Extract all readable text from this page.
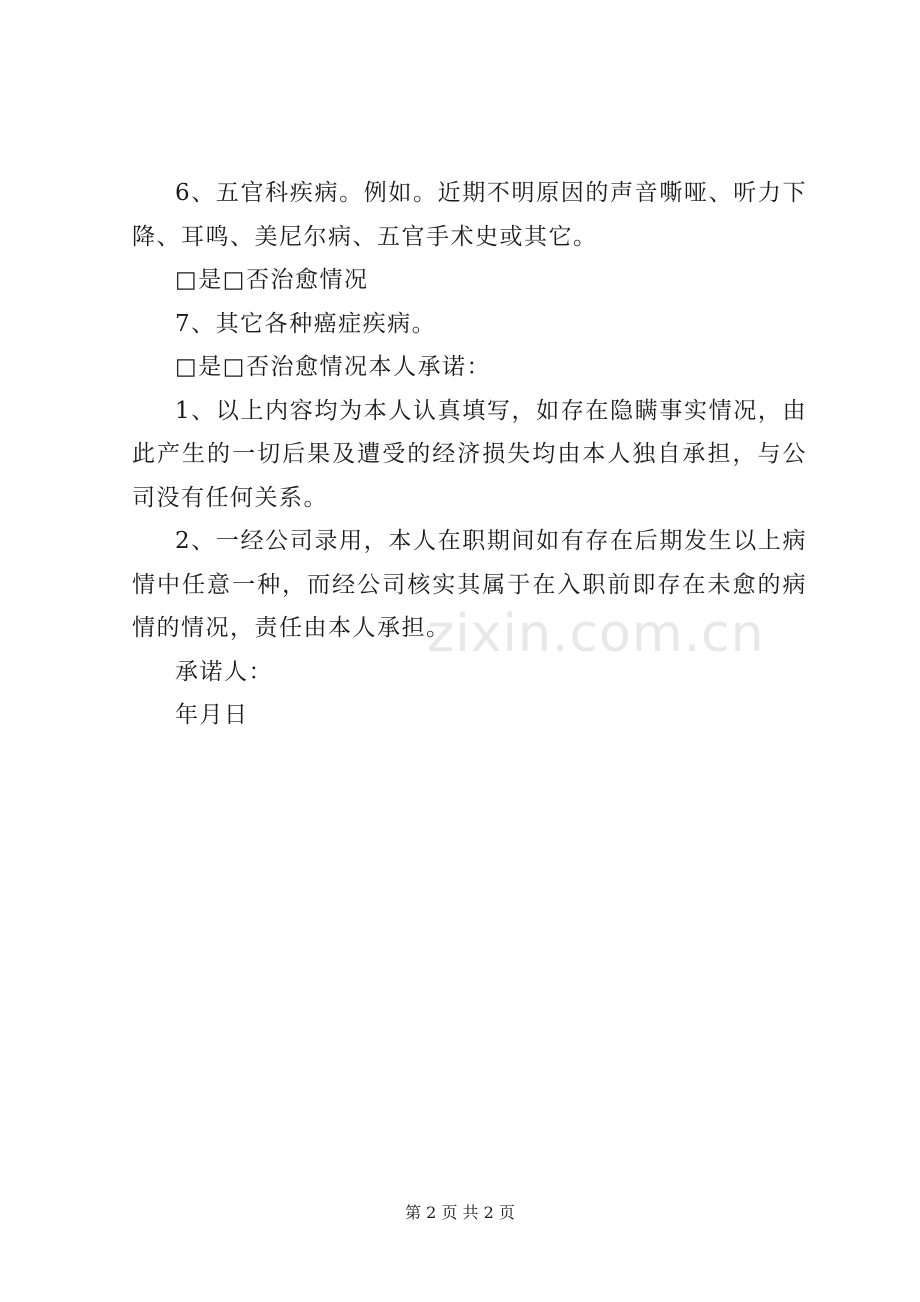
6、五官科疾病。例如。近期不明原因的声音嘶哑、听力下降、耳鸣、美尼尔病、五官手术史或其它。

□是□否治愈情况

7、其它各种癌症疾病。

□是□否治愈情况本人承诺：

1、以上内容均为本人认真填写，如存在隐瞒事实情况，由此产生的一切后果及遭受的经济损失均由本人独自承担，与公司没有任何关系。

2、一经公司录用，本人在职期间如有存在后期发生以上病情中任意一种，而经公司核实其属于在入职前即存在未愈的病情的情况，责任由本人承担。

承诺人：

年月日

zixin.com.cn
第 2 页 共 2 页
